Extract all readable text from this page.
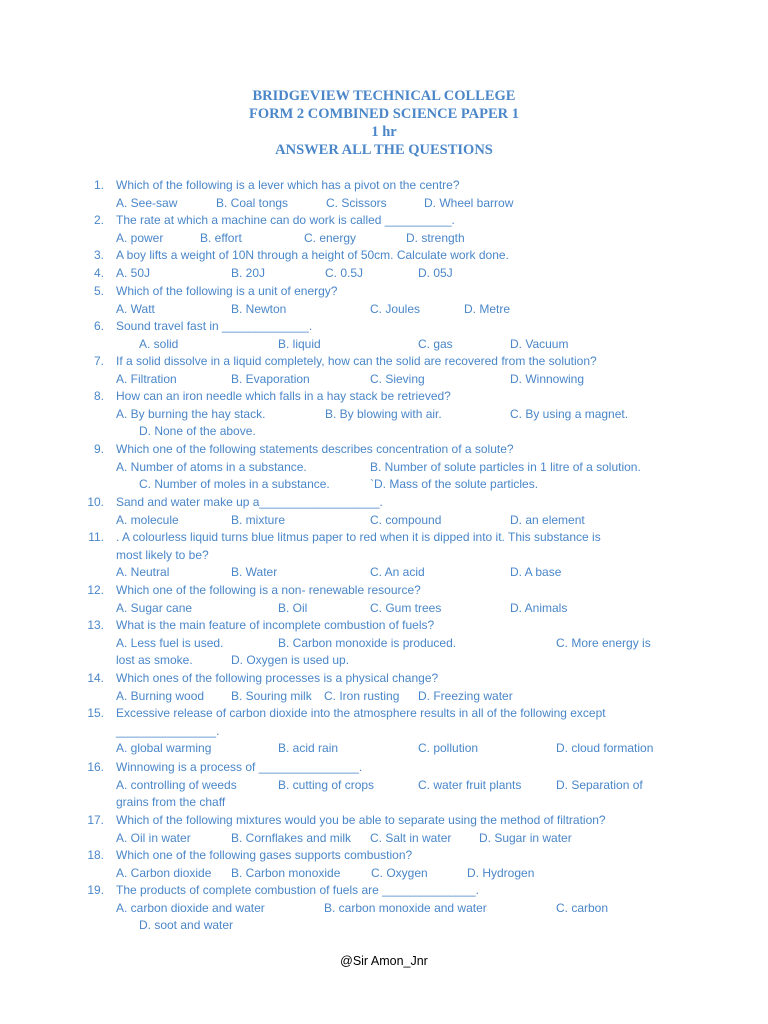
BRIDGEVIEW TECHNICAL COLLEGE
FORM 2 COMBINED SCIENCE PAPER 1
1 hr
ANSWER ALL THE QUESTIONS
1. Which of the following is a lever which has a pivot on the centre?
A. See-saw	B. Coal tongs	C. Scissors	D. Wheel barrow
2. The rate at which a machine can do work is called __________.
A. power	B. effort	C. energy	D. strength
3. A boy lifts a weight of 10N through a height of 50cm. Calculate work done.
4. A. 50J	B. 20J	C. 0.5J	D. 05J
5. Which of the following is a unit of energy?
A. Watt	B. Newton	C. Joules	D. Metre
6. Sound travel fast in _____________.
A. solid	B. liquid	C. gas	D. Vacuum
7. If a solid dissolve in a liquid completely, how can the solid are recovered from the solution?
A. Filtration	B. Evaporation	C. Sieving	D. Winnowing
8. How can an iron needle which falls in a hay stack be retrieved?
A. By burning the hay stack.	B. By blowing with air.	C. By using a magnet.
D. None of the above.
9. Which one of the following statements describes concentration of a solute?
A. Number of atoms in a substance.	B. Number of solute particles in 1 litre of a solution.
C. Number of moles in a substance.	`D. Mass of the solute particles.
10. Sand and water make up a__________________.
A. molecule	B. mixture	C. compound	D. an element
11. . A colourless liquid turns blue litmus paper to red when it is dipped into it. This substance is
most likely to be?
A. Neutral	B. Water	C. An acid	D. A base
12. Which one of the following is a non- renewable resource?
A. Sugar cane	B. Oil	C. Gum trees	D. Animals
13. What is the main feature of incomplete combustion of fuels?
A. Less fuel is used.	B. Carbon monoxide is produced.	C. More energy is
lost as smoke.	D. Oxygen is used up.
14. Which ones of the following processes is a physical change?
A. Burning wood B. Souring milk C. Iron rusting D. Freezing water
15. Excessive release of carbon dioxide into the atmosphere results in all of the following except
_______________.
A. global warming	B. acid rain	C. pollution	D. cloud formation
16. Winnowing is a process of _______________.
A. controlling of weeds	B. cutting of crops	C. water fruit plants	D. Separation of
grains from the chaff
17. Which of the following mixtures would you be able to separate using the method of filtration?
A. Oil in water	B. Cornflakes and milk C. Salt in water D. Sugar in water
18. Which one of the following gases supports combustion?
A. Carbon dioxide B. Carbon monoxide	C. Oxygen	D. Hydrogen
19. The products of complete combustion of fuels are ______________.
A. carbon dioxide and water	B. carbon monoxide and water	C. carbon
D. soot and water
@Sir Amon_Jnr
